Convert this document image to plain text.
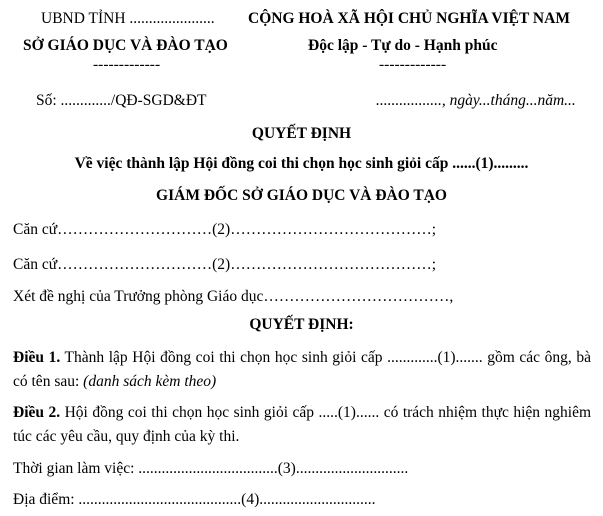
UBND TỈNH ......................
SỞ GIÁO DỤC VÀ ĐÀO TẠO
-------------
CỘNG HOÀ XÃ HỘI CHỦ NGHĨA VIỆT NAM
Độc lập - Tự do - Hạnh phúc
-------------
Số: ............./QĐ-SGD&ĐT	................., ngày...tháng...năm...
QUYẾT ĐỊNH
Về việc thành lập Hội đồng coi thi chọn học sinh giỏi cấp ......(1).........
GIÁM ĐỐC SỞ GIÁO DỤC VÀ ĐÀO TẠO
Căn cứ…………………………(2)…………………………………;
Căn cứ…………………………(2)…………………………………;
Xét đề nghị của Trưởng phòng Giáo dục………………………………,
QUYẾT ĐỊNH:
Điều 1. Thành lập Hội đồng coi thi chọn học sinh giỏi cấp .............(1)....... gồm các ông, bà có tên sau: (danh sách kèm theo)
Điều 2. Hội đồng coi thi chọn học sinh giỏi cấp .....(1)...... có trách nhiệm thực hiện nghiêm túc các yêu cầu, quy định của kỳ thi.
Thời gian làm việc: ....................................(3).............................
Địa điểm: ..........................................(4)..............................
